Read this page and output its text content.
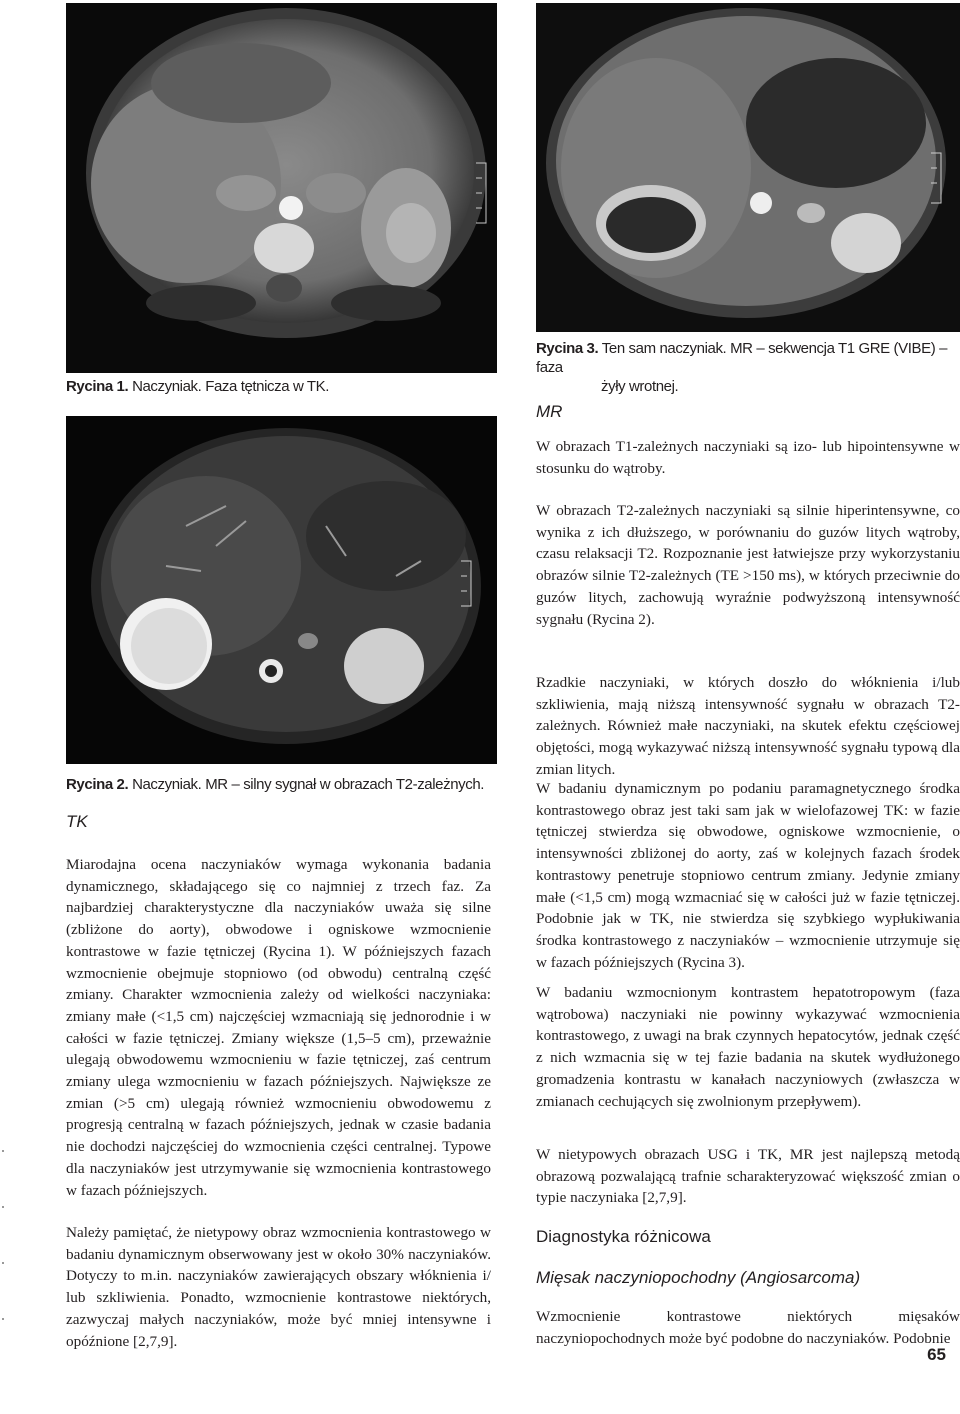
Rycina 1. Naczyniak. Faza tętnicza w TK.
Rycina 3. Ten sam naczyniak. MR – sekwencja T1 GRE (VIBE) – faza
żyły wrotnej.
Rycina 2. Naczyniak. MR – silny sygnał w obrazach T2-zależnych.
MR

W obrazach T1-zależnych naczyniaki są izo- lub hipointensywne w stosunku do wątroby.

W obrazach T2-zależnych naczyniaki są silnie hiperintensywne, co wynika z ich dłuższego, w porównaniu do guzów litych wątroby, czasu relaksacji T2. Rozpoznanie jest łatwiejsze przy wykorzystaniu obrazów silnie T2-zależnych (TE >150 ms), w których przeciwnie do guzów litych, zachowują wyraźnie podwyższoną intensywność sygnału (Rycina 2).

Rzadkie naczyniaki, w których doszło do włóknienia i/lub szkliwienia, mają niższą intensywność sygnału w obrazach T2-zależnych. Również małe naczyniaki, na skutek efektu częściowej objętości, mogą wykazywać niższą intensywność sygnału typową dla zmian litych.

W badaniu dynamicznym po podaniu paramagnetycznego środka kontrastowego obraz jest taki sam jak w wielofazowej TK: w fazie tętniczej stwierdza się obwodowe, ogniskowe wzmocnienie, o intensywności zbliżonej do aorty, zaś w kolejnych fazach środek kontrastowy penetruje stopniowo centrum zmiany. Jedynie zmiany małe (<1,5 cm) mogą wzmacniać się w całości już w fazie tętniczej. Podobnie jak w TK, nie stwierdza się szybkiego wypłukiwania środka kontrastowego z naczyniaków – wzmocnienie utrzymuje się w fazach późniejszych (Rycina 3).

W badaniu wzmocnionym kontrastem hepatotropowym (faza wątrobowa) naczyniaki nie powinny wykazywać wzmocnienia kontrastowego, z uwagi na brak czynnych hepatocytów, jednak część z nich wzmacnia się w tej fazie badania na skutek wydłużonego gromadzenia kontrastu w kanałach naczyniowych (zwłaszcza w zmianach cechujących się zwolnionym przepływem).

W nietypowych obrazach USG i TK, MR jest najlepszą metodą obrazową pozwalającą trafnie scharakteryzować większość zmian o typie naczyniaka [2,7,9].

Diagnostyka różnicowa
Mięsak naczyniopochodny (Angiosarcoma)

Wzmocnienie kontrastowe niektórych mięsaków naczyniopochodnych może być podobne do naczyniaków. Podobnie

TK

Miarodajna ocena naczyniaków wymaga wykonania badania dynamicznego, składającego się co najmniej z trzech faz. Za najbardziej charakterystyczne dla naczyniaków uważa się silne (zbliżone do aorty), obwodowe i ogniskowe wzmocnienie kontrastowe w fazie tętniczej (Rycina 1). W późniejszych fazach wzmocnienie obejmuje stopniowo (od obwodu) centralną część zmiany. Charakter wzmocnienia zależy od wielkości naczyniaka: zmiany małe (<1,5 cm) najczęściej wzmacniają się jednorodnie i w całości w fazie tętniczej. Zmiany większe (1,5–5 cm), przeważnie ulegają obwodowemu wzmocnieniu w fazie tętniczej, zaś centrum zmiany ulega wzmocnieniu w fazach późniejszych. Największe ze zmian (>5 cm) ulegają również wzmocnieniu obwodowemu z progresją centralną w fazach późniejszych, jednak w czasie badania nie dochodzi najczęściej do wzmocnienia części centralnej. Typowe dla naczyniaków jest utrzymywanie się wzmocnienia kontrastowego w fazach późniejszych.

Należy pamiętać, że nietypowy obraz wzmocnienia kontrastowego w badaniu dynamicznym obserwowany jest w około 30% naczyniaków. Dotyczy to m.in. naczyniaków zawierających obszary włóknienia i/ lub szkliwienia. Ponadto, wzmocnienie kontrastowe niektórych, zazwyczaj małych naczyniaków, może być mniej intensywne i opóźnione [2,7,9].

65
